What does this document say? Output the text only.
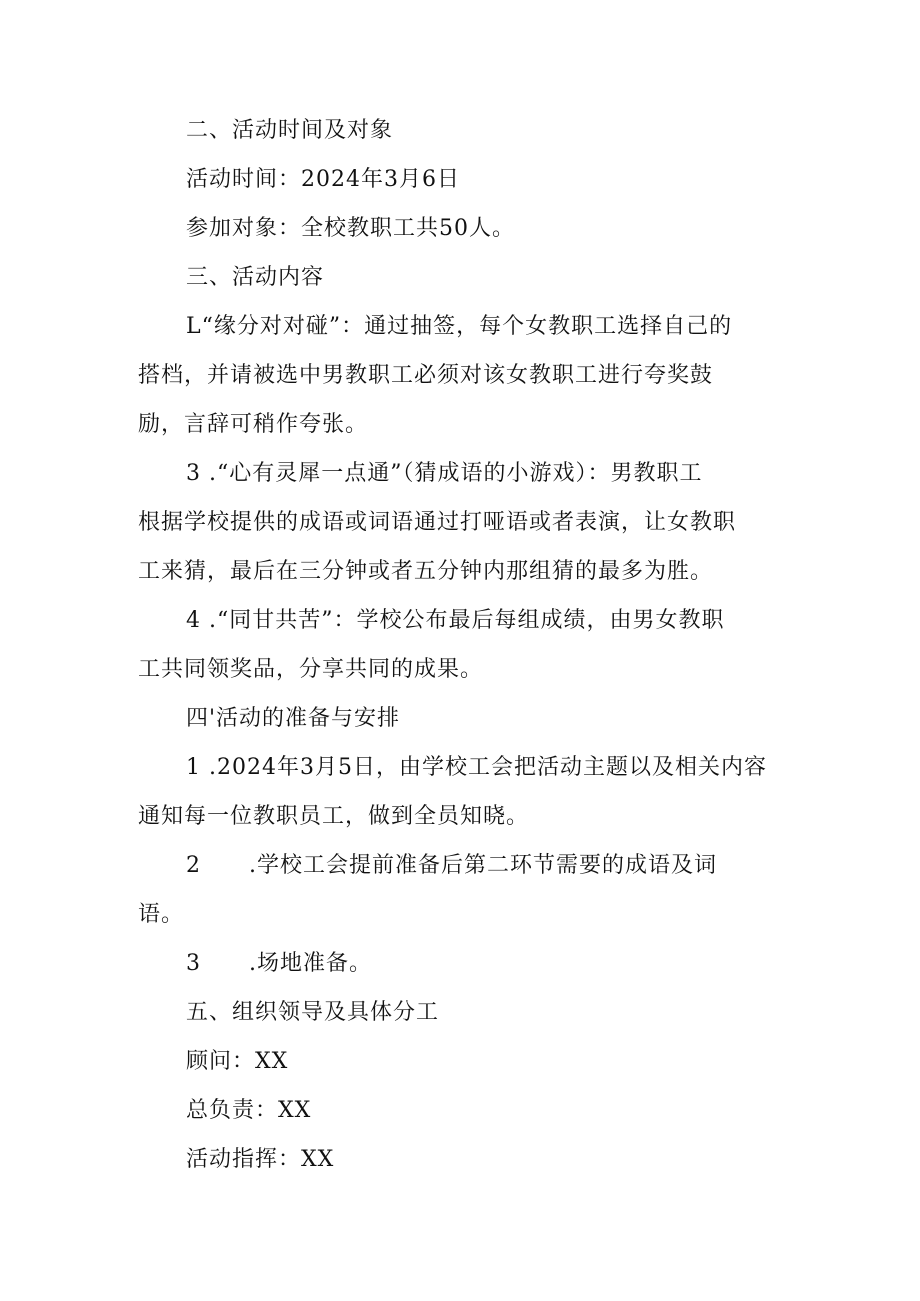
二、活动时间及对象
活动时间：2024年3月6日
参加对象：全校教职工共50人。
三、活动内容
L“缘分对对碰”：通过抽签，每个女教职工选择自己的
搭档，并请被选中男教职工必须对该女教职工进行夸奖鼓
励，言辞可稍作夸张。
3 .“心有灵犀一点通”（猜成语的小游戏）：男教职工
根据学校提供的成语或词语通过打哑语或者表演，让女教职
工来猜，最后在三分钟或者五分钟内那组猜的最多为胜。
4 .“同甘共苦”：学校公布最后每组成绩，由男女教职
工共同领奖品，分享共同的成果。
四'活动的准备与安排
1 .2024年3月5日，由学校工会把活动主题以及相关内容
通知每一位教职员工，做到全员知晓。
2      .学校工会提前准备后第二环节需要的成语及词
语。
3      .场地准备。
五、组织领导及具体分工
顾问：XX
总负责：XX
活动指挥：XX
